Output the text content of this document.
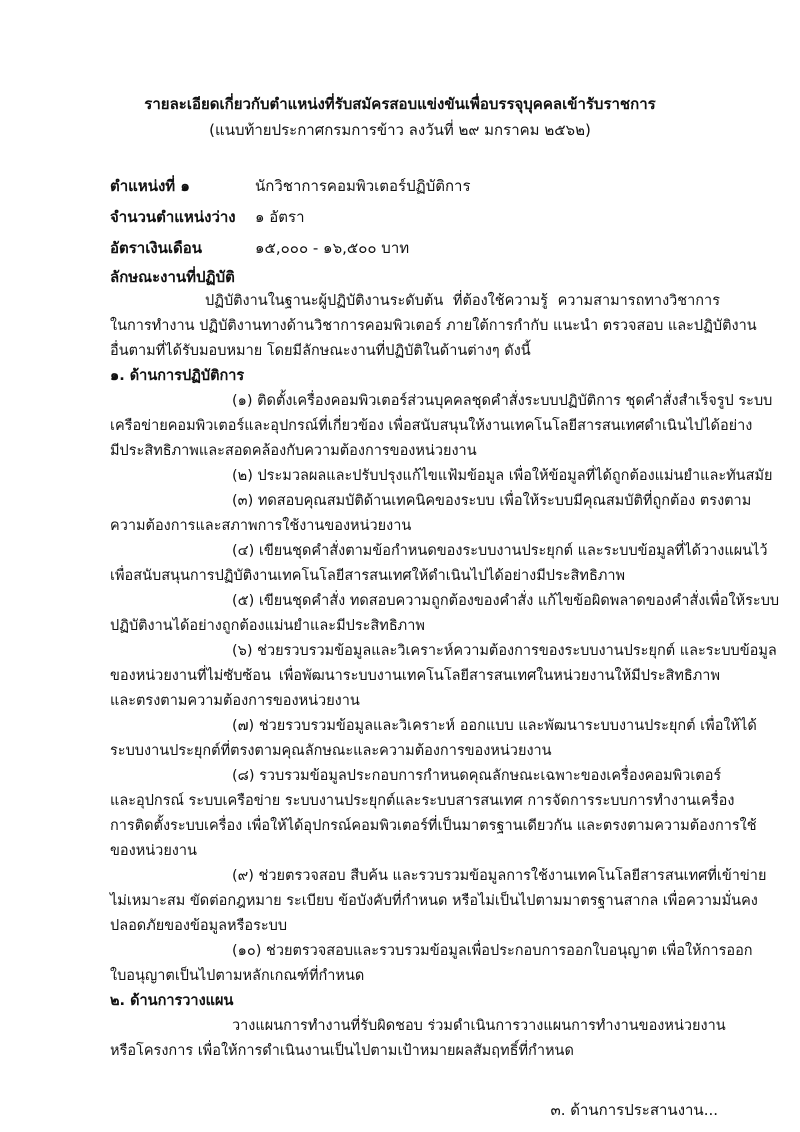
รายละเอียดเกี่ยวกับตำแหน่งที่รับสมัครสอบแข่งขันเพื่อบรรจุบุคคลเข้ารับราชการ
(แนบท้ายประกาศกรมการข้าว ลงวันที่ ๒๙ มกราคม ๒๕๖๒)
ตำแหน่งที่ ๑	นักวิชาการคอมพิวเตอร์ปฏิบัติการ
จำนวนตำแหน่งว่าง ๑ อัตรา
อัตราเงินเดือน	๑๕,๐๐๐ - ๑๖,๕๐๐ บาท
ลักษณะงานที่ปฏิบัติ
ปฏิบัติงานในฐานะผู้ปฏิบัติงานระดับต้น ที่ต้องใช้ความรู้ ความสามารถทางวิชาการ
ในการทำงาน ปฏิบัติงานทางด้านวิชาการคอมพิวเตอร์ ภายใต้การกำกับ แนะนำ ตรวจสอบ และปฏิบัติงาน
อื่นตามที่ได้รับมอบหมาย โดยมีลักษณะงานที่ปฏิบัติในด้านต่างๆ ดังนี้
๑. ด้านการปฏิบัติการ
(๑) ติดตั้งเครื่องคอมพิวเตอร์ส่วนบุคคลชุดคำสั่งระบบปฏิบัติการ ชุดคำสั่งสำเร็จรูป ระบบ
เครือข่ายคอมพิวเตอร์และอุปกรณ์ที่เกี่ยวข้อง เพื่อสนับสนุนให้งานเทคโนโลยีสารสนเทศดำเนินไปได้อย่าง
มีประสิทธิภาพและสอดคล้องกับความต้องการของหน่วยงาน
(๒) ประมวลผลและปรับปรุงแก้ไขแฟ้มข้อมูล เพื่อให้ข้อมูลที่ได้ถูกต้องแม่นยำและทันสมัย
(๓) ทดสอบคุณสมบัติด้านเทคนิคของระบบ เพื่อให้ระบบมีคุณสมบัติที่ถูกต้อง ตรงตาม
ความต้องการและสภาพการใช้งานของหน่วยงาน
(๔) เขียนชุดคำสั่งตามข้อกำหนดของระบบงานประยุกต์ และระบบข้อมูลที่ได้วางแผนไว้
เพื่อสนับสนุนการปฏิบัติงานเทคโนโลยีสารสนเทศให้ดำเนินไปได้อย่างมีประสิทธิภาพ
(๕) เขียนชุดคำสั่ง ทดสอบความถูกต้องของคำสั่ง แก้ไขข้อผิดพลาดของคำสั่งเพื่อให้ระบบ
ปฏิบัติงานได้อย่างถูกต้องแม่นยำและมีประสิทธิภาพ
(๖) ช่วยรวบรวมข้อมูลและวิเคราะห์ความต้องการของระบบงานประยุกต์ และระบบข้อมูล
ของหน่วยงานที่ไม่ซับซ้อน เพื่อพัฒนาระบบงานเทคโนโลยีสารสนเทศในหน่วยงานให้มีประสิทธิภาพ
และตรงตามความต้องการของหน่วยงาน
(๗) ช่วยรวบรวมข้อมูลและวิเคราะห์ ออกแบบ และพัฒนาระบบงานประยุกต์ เพื่อให้ได้
ระบบงานประยุกต์ที่ตรงตามคุณลักษณะและความต้องการของหน่วยงาน
(๘) รวบรวมข้อมูลประกอบการกำหนดคุณลักษณะเฉพาะของเครื่องคอมพิวเตอร์
และอุปกรณ์ ระบบเครือข่าย ระบบงานประยุกต์และระบบสารสนเทศ การจัดการระบบการทำงานเครื่อง
การติดตั้งระบบเครื่อง เพื่อให้ได้อุปกรณ์คอมพิวเตอร์ที่เป็นมาตรฐานเดียวกัน และตรงตามความต้องการใช้
ของหน่วยงาน
(๙) ช่วยตรวจสอบ สืบค้น และรวบรวมข้อมูลการใช้งานเทคโนโลยีสารสนเทศที่เข้าข่าย
ไม่เหมาะสม ขัดต่อกฎหมาย ระเบียบ ข้อบังคับที่กำหนด หรือไม่เป็นไปตามมาตรฐานสากล เพื่อความมั่นคง
ปลอดภัยของข้อมูลหรือระบบ
(๑๐) ช่วยตรวจสอบและรวบรวมข้อมูลเพื่อประกอบการออกใบอนุญาต เพื่อให้การออก
ใบอนุญาตเป็นไปตามหลักเกณฑ์ที่กำหนด
๒. ด้านการวางแผน
วางแผนการทำงานที่รับผิดชอบ ร่วมดำเนินการวางแผนการทำงานของหน่วยงาน
หรือโครงการ เพื่อให้การดำเนินงานเป็นไปตามเป้าหมายผลสัมฤทธิ์ที่กำหนด
๓. ด้านการประสานงาน...
